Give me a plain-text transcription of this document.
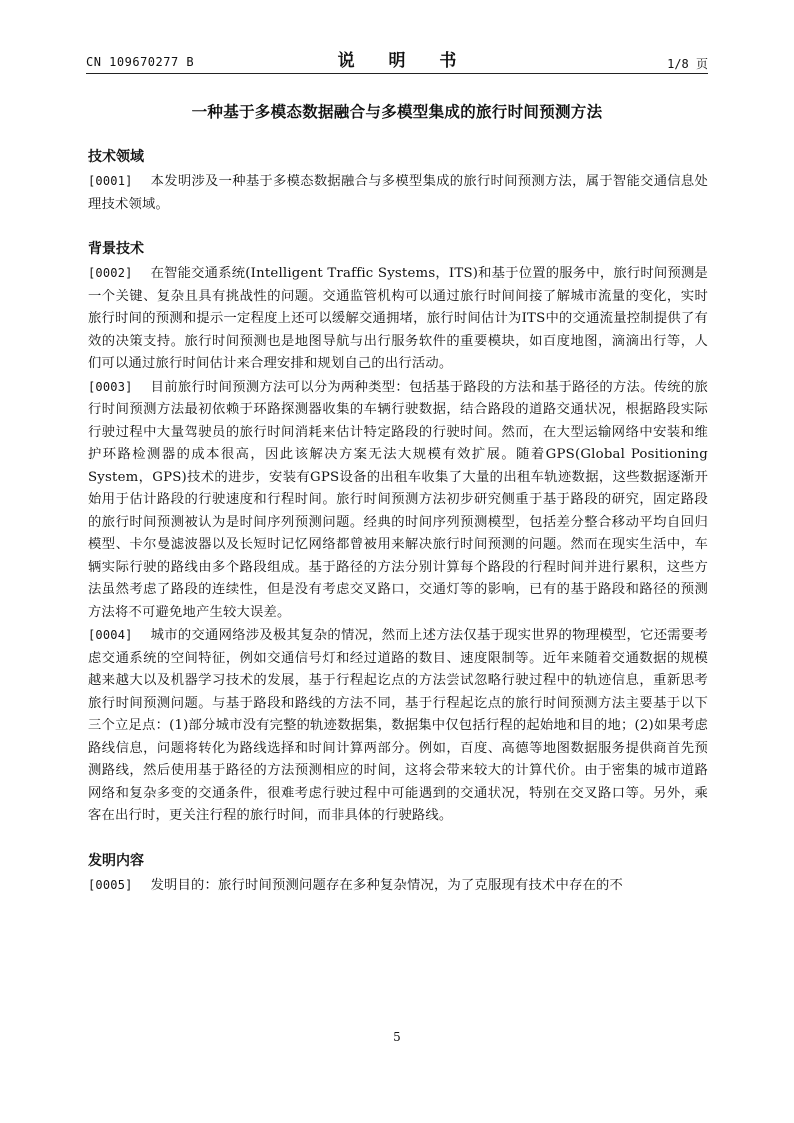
CN 109670277 B	说 明 书	1/8 页
一种基于多模态数据融合与多模型集成的旅行时间预测方法

技术领域

[0001] 本发明涉及一种基于多模态数据融合与多模型集成的旅行时间预测方法，属于智能交通信息处理技术领域。

背景技术

[0002] 在智能交通系统(Intelligent Traffic Systems，ITS)和基于位置的服务中，旅行时间预测是一个关键、复杂且具有挑战性的问题。交通监管机构可以通过旅行时间间接了解城市流量的变化，实时旅行时间的预测和提示一定程度上还可以缓解交通拥堵，旅行时间估计为ITS中的交通流量控制提供了有效的决策支持。旅行时间预测也是地图导航与出行服务软件的重要模块，如百度地图，滴滴出行等，人们可以通过旅行时间估计来合理安排和规划自己的出行活动。

[0003] 目前旅行时间预测方法可以分为两种类型：包括基于路段的方法和基于路径的方法。传统的旅行时间预测方法最初依赖于环路探测器收集的车辆行驶数据，结合路段的道路交通状况，根据路段实际行驶过程中大量驾驶员的旅行时间消耗来估计特定路段的行驶时间。然而，在大型运输网络中安装和维护环路检测器的成本很高，因此该解决方案无法大规模有效扩展。随着GPS(Global Positioning System，GPS)技术的进步，安装有GPS设备的出租车收集了大量的出租车轨迹数据，这些数据逐渐开始用于估计路段的行驶速度和行程时间。旅行时间预测方法初步研究侧重于基于路段的研究，固定路段的旅行时间预测被认为是时间序列预测问题。经典的时间序列预测模型，包括差分整合移动平均自回归模型、卡尔曼滤波器以及长短时记忆网络都曾被用来解决旅行时间预测的问题。然而在现实生活中，车辆实际行驶的路线由多个路段组成。基于路径的方法分别计算每个路段的行程时间并进行累积，这些方法虽然考虑了路段的连续性，但是没有考虑交叉路口，交通灯等的影响，已有的基于路段和路径的预测方法将不可避免地产生较大误差。

[0004] 城市的交通网络涉及极其复杂的情况，然而上述方法仅基于现实世界的物理模型，它还需要考虑交通系统的空间特征，例如交通信号灯和经过道路的数目、速度限制等。近年来随着交通数据的规模越来越大以及机器学习技术的发展，基于行程起讫点的方法尝试忽略行驶过程中的轨迹信息，重新思考旅行时间预测问题。与基于路段和路线的方法不同，基于行程起讫点的旅行时间预测方法主要基于以下三个立足点：(1)部分城市没有完整的轨迹数据集，数据集中仅包括行程的起始地和目的地；(2)如果考虑路线信息，问题将转化为路线选择和时间计算两部分。例如，百度、高德等地图数据服务提供商首先预测路线，然后使用基于路径的方法预测相应的时间，这将会带来较大的计算代价。由于密集的城市道路网络和复杂多变的交通条件，很难考虑行驶过程中可能遇到的交通状况，特别在交叉路口等。另外，乘客在出行时，更关注行程的旅行时间，而非具体的行驶路线。

发明内容

[0005] 发明目的：旅行时间预测问题存在多种复杂情况，为了克服现有技术中存在的不

5
